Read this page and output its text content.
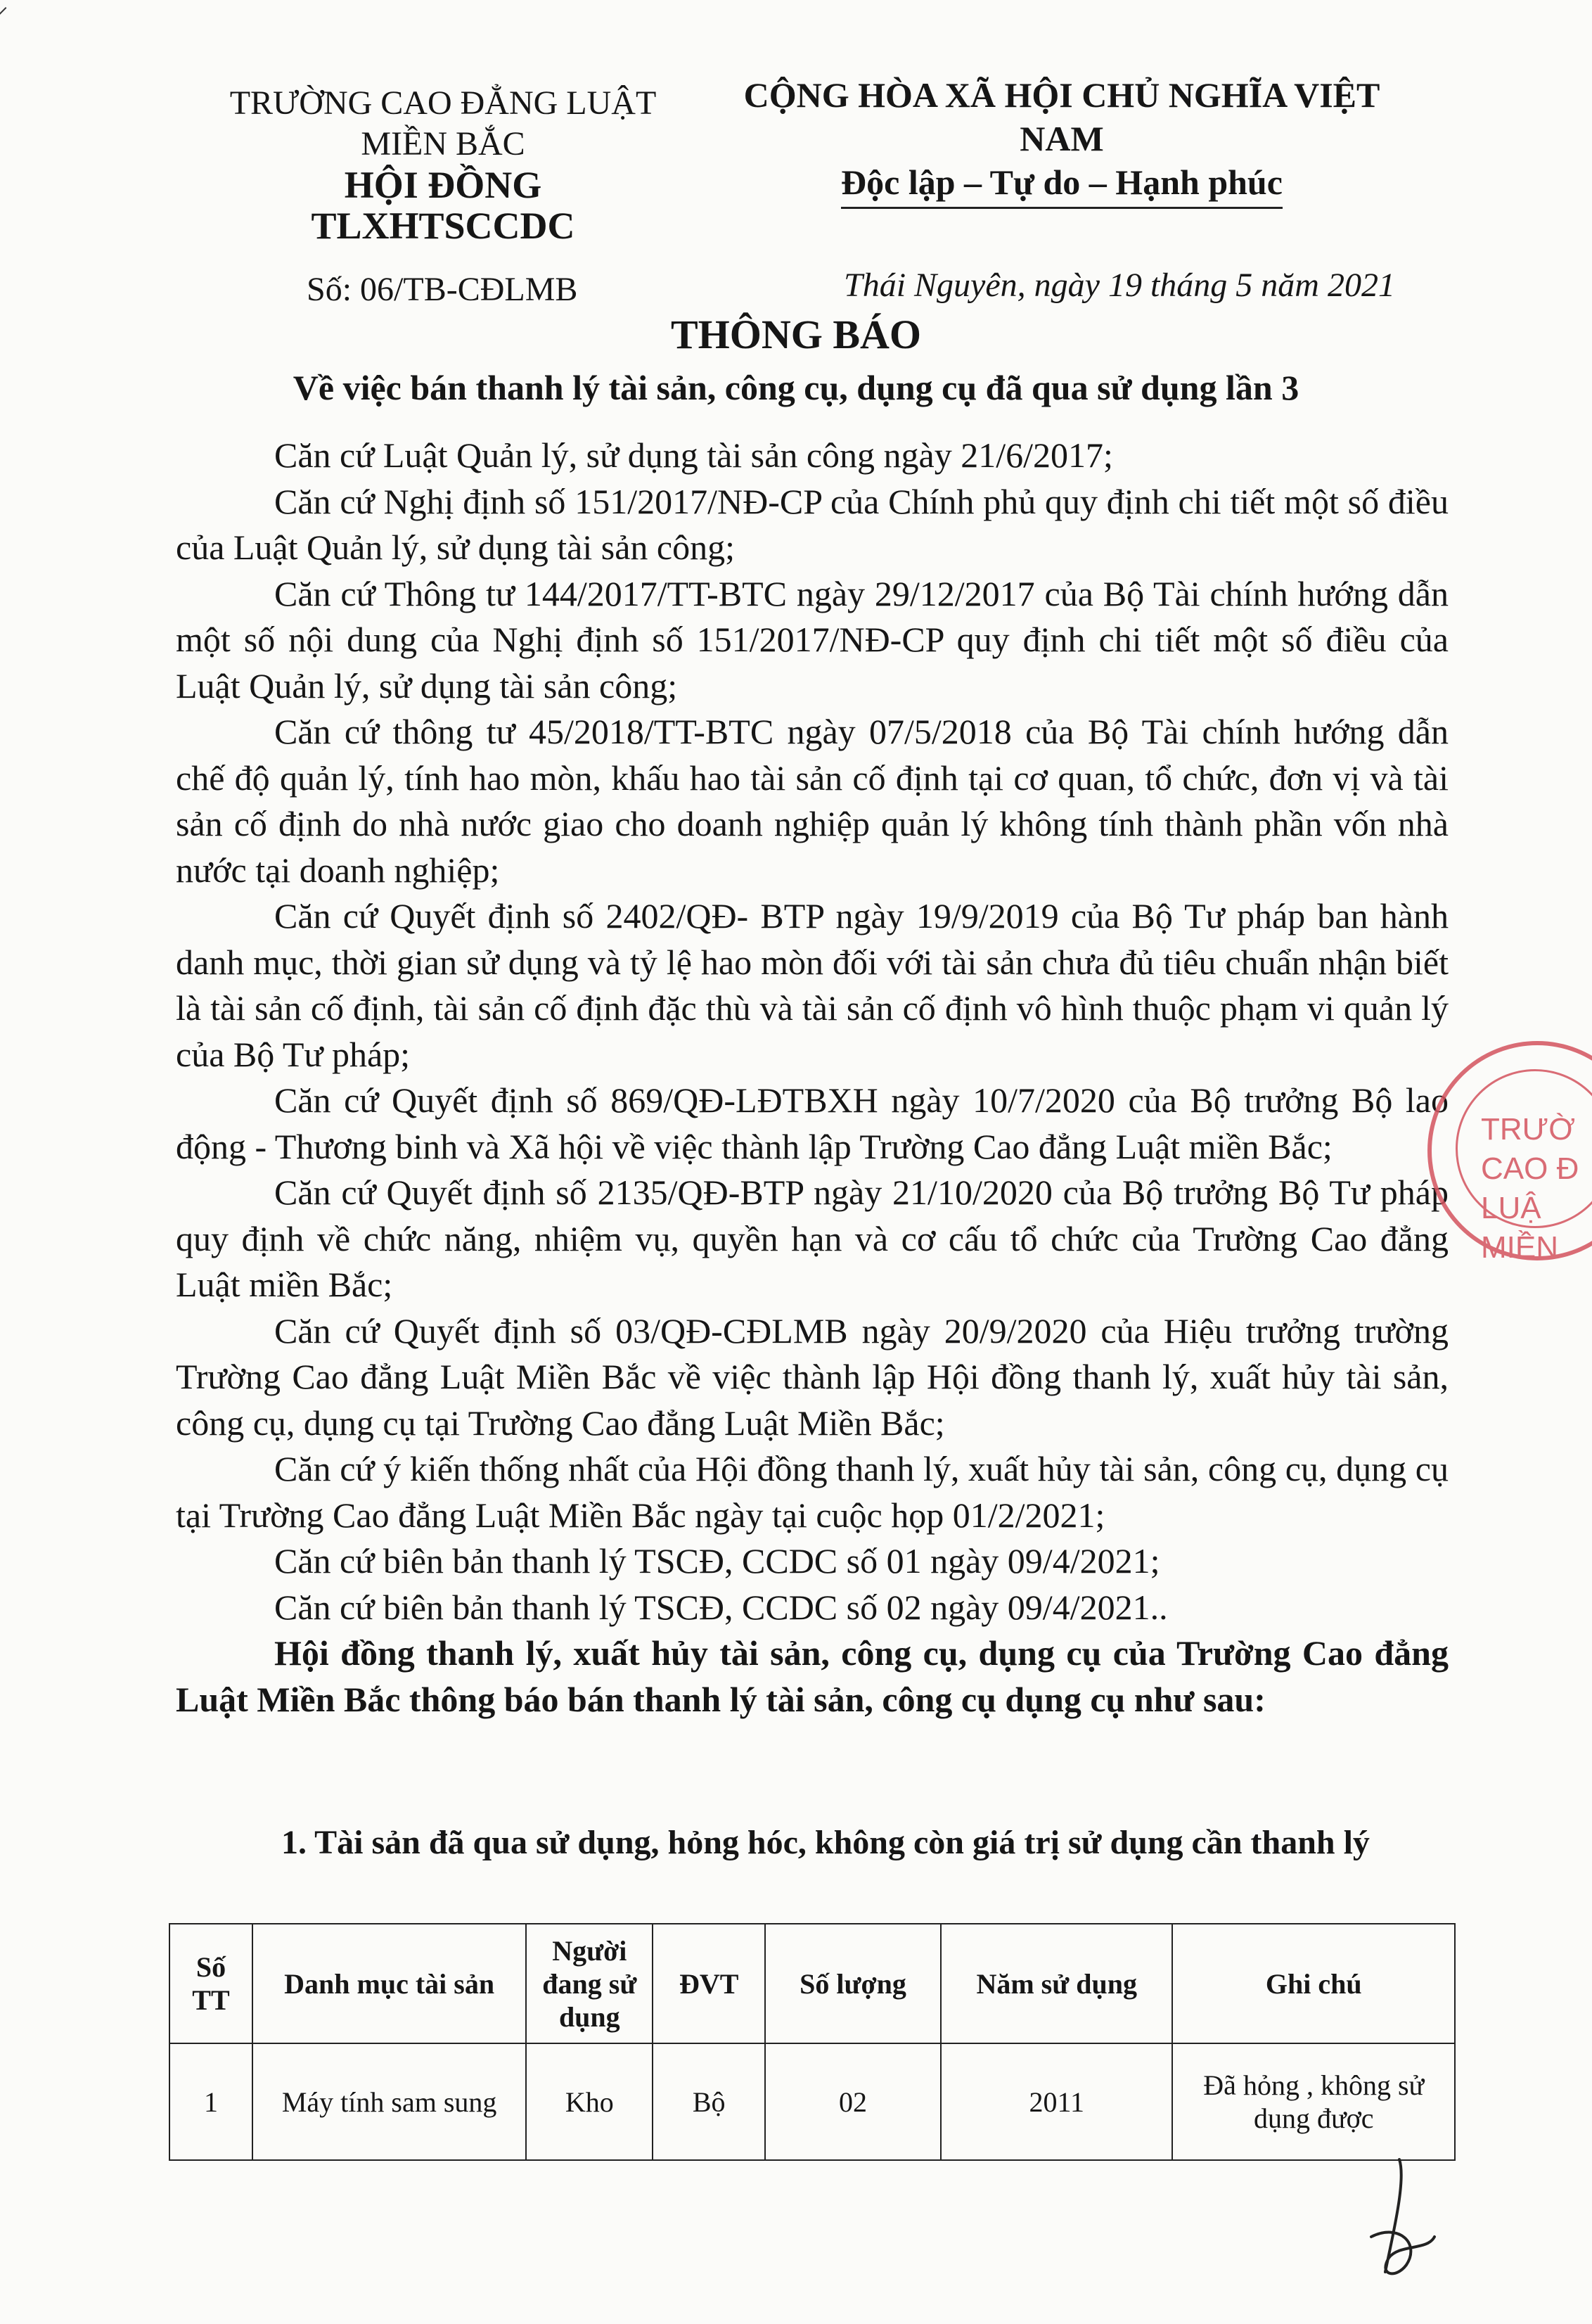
TRƯỜNG CAO ĐẲNG LUẬT
MIỀN BẮC
HỘI ĐỒNG TLXHTSCCDC
CỘNG HÒA XÃ HỘI CHỦ NGHĨA VIỆT NAM
Độc lập – Tự do – Hạnh phúc
Số: 06/TB-CĐLMB	Thái Nguyên, ngày 19 tháng 5 năm 2021
THÔNG BÁO
Về việc bán thanh lý tài sản, công cụ, dụng cụ đã qua sử dụng lần 3

Căn cứ Luật Quản lý, sử dụng tài sản công ngày 21/6/2017;

Căn cứ Nghị định số 151/2017/NĐ-CP của Chính phủ quy định chi tiết một số điều của Luật Quản lý, sử dụng tài sản công;

Căn cứ Thông tư 144/2017/TT-BTC ngày 29/12/2017 của Bộ Tài chính hướng dẫn một số nội dung của Nghị định số 151/2017/NĐ-CP quy định chi tiết một số điều của Luật Quản lý, sử dụng tài sản công;

Căn cứ thông tư 45/2018/TT-BTC ngày 07/5/2018 của Bộ Tài chính hướng dẫn chế độ quản lý, tính hao mòn, khấu hao tài sản cố định tại cơ quan, tổ chức, đơn vị và tài sản cố định do nhà nước giao cho doanh nghiệp quản lý không tính thành phần vốn nhà nước tại doanh nghiệp;

Căn cứ Quyết định số 2402/QĐ- BTP ngày 19/9/2019 của Bộ Tư pháp ban hành danh mục, thời gian sử dụng và tỷ lệ hao mòn đối với tài sản chưa đủ tiêu chuẩn nhận biết là tài sản cố định, tài sản cố định đặc thù và tài sản cố định vô hình thuộc phạm vi quản lý của Bộ Tư pháp;

Căn cứ Quyết định số 869/QĐ-LĐTBXH ngày 10/7/2020 của Bộ trưởng Bộ lao động - Thương binh và Xã hội về việc thành lập Trường Cao đẳng Luật miền Bắc;

Căn cứ Quyết định số 2135/QĐ-BTP ngày 21/10/2020 của Bộ trưởng Bộ Tư pháp quy định về chức năng, nhiệm vụ, quyền hạn và cơ cấu tổ chức của Trường Cao đẳng Luật miền Bắc;

Căn cứ Quyết định số 03/QĐ-CĐLMB ngày 20/9/2020 của Hiệu trưởng trường Trường Cao đẳng Luật Miền Bắc về việc thành lập Hội đồng thanh lý, xuất hủy tài sản, công cụ, dụng cụ tại Trường Cao đẳng Luật Miền Bắc;

Căn cứ ý kiến thống nhất của Hội đồng thanh lý, xuất hủy tài sản, công cụ, dụng cụ tại Trường Cao đẳng Luật Miền Bắc ngày tại cuộc họp 01/2/2021;

Căn cứ biên bản thanh lý TSCĐ, CCDC số 01 ngày 09/4/2021;

Căn cứ biên bản thanh lý TSCĐ, CCDC số 02 ngày 09/4/2021..

Hội đồng thanh lý, xuất hủy tài sản, công cụ, dụng cụ của Trường Cao đẳng Luật Miền Bắc thông báo bán thanh lý tài sản, công cụ dụng cụ như sau:

1. Tài sản đã qua sử dụng, hỏng hóc, không còn giá trị sử dụng cần thanh lý
Số TT	Danh mục tài sản	Người đang sử dụng	ĐVT	Số lượng	Năm sử dụng	Ghi chú
1	Máy tính sam sung	Kho	Bộ	02	2011	Đã hỏng , không sử dụng được
TRƯỜ
CAO Đ
LUẬ
MIỀN
